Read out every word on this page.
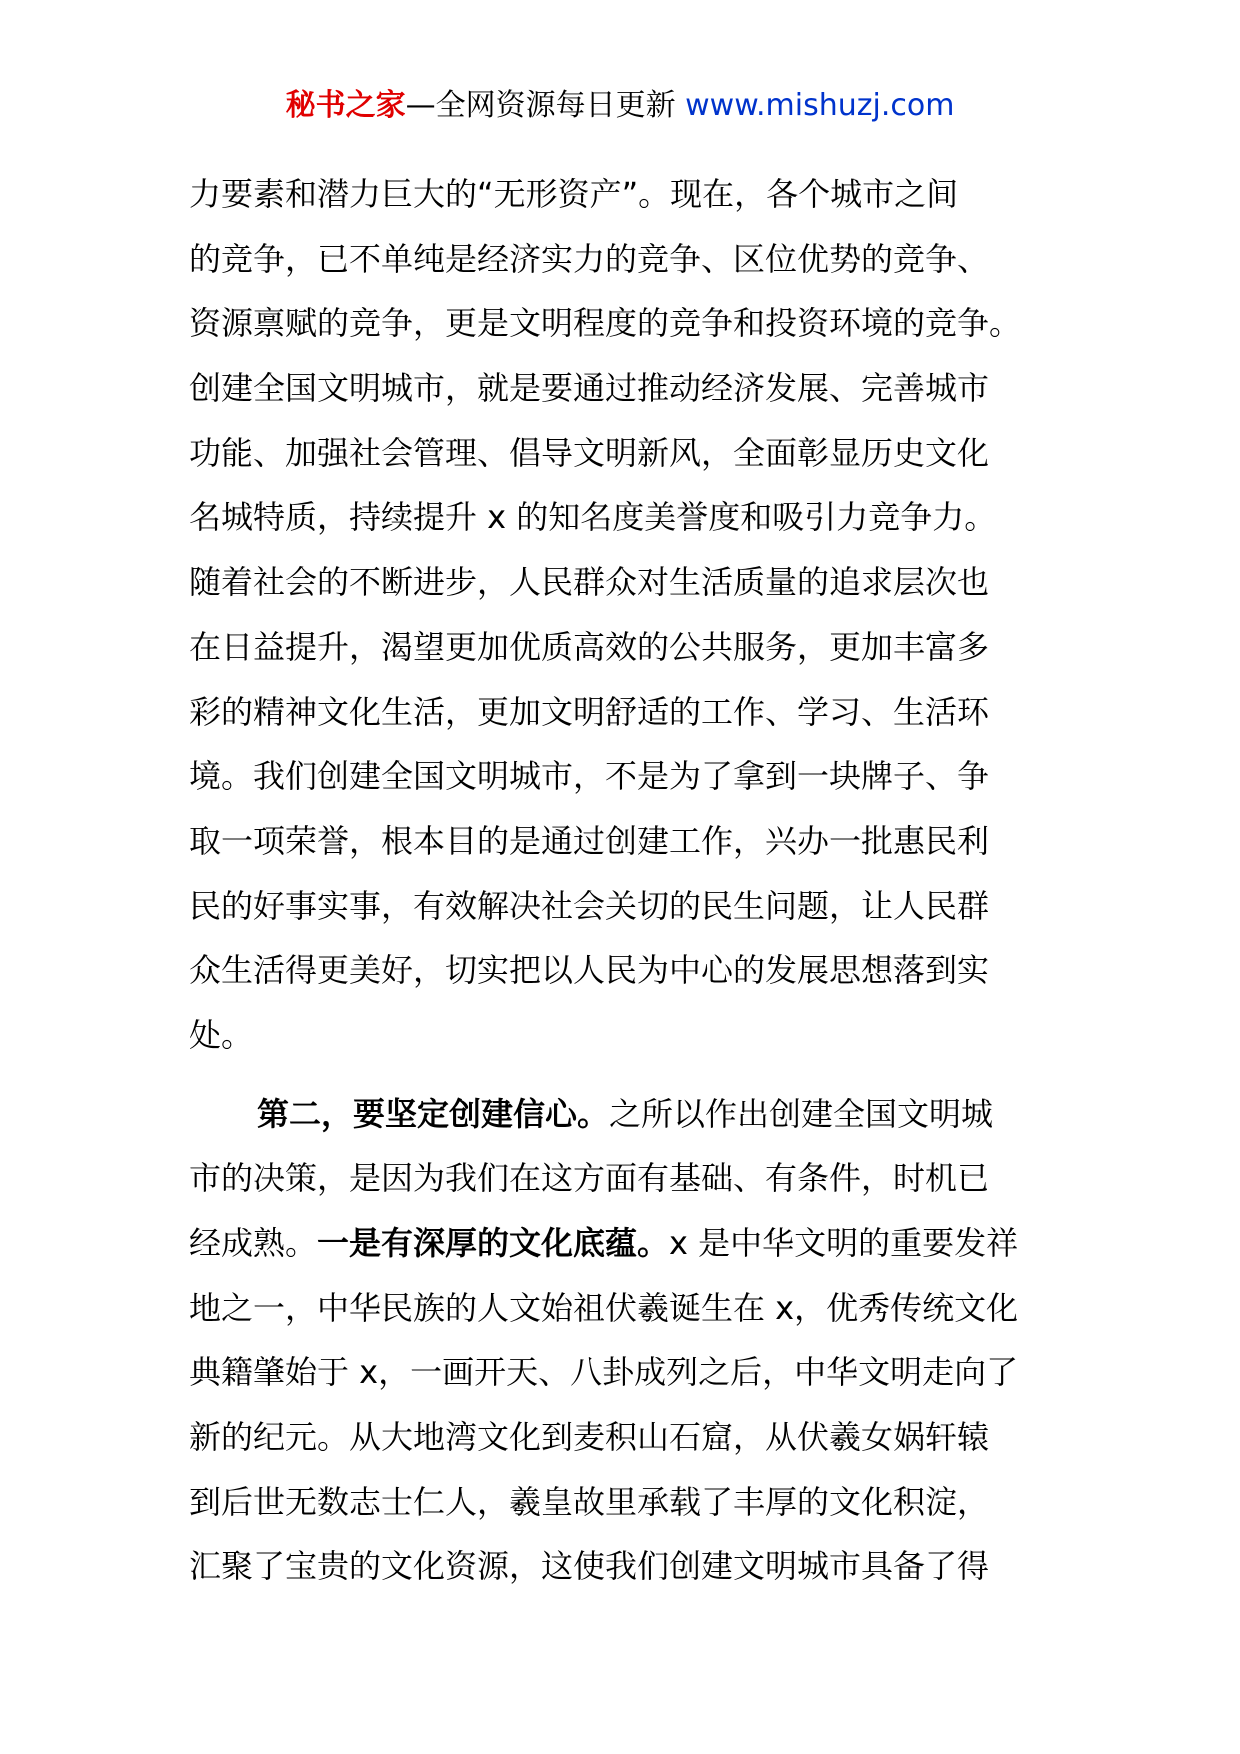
秘书之家—全网资源每日更新 www.mishuzj.com
力要素和潜力巨大的“无形资产”。现在，各个城市之间
的竞争，已不单纯是经济实力的竞争、区位优势的竞争、
资源禀赋的竞争，更是文明程度的竞争和投资环境的竞争。
创建全国文明城市，就是要通过推动经济发展、完善城市
功能、加强社会管理、倡导文明新风，全面彰显历史文化
名城特质，持续提升 x 的知名度美誉度和吸引力竞争力。
随着社会的不断进步，人民群众对生活质量的追求层次也
在日益提升，渴望更加优质高效的公共服务，更加丰富多
彩的精神文化生活，更加文明舒适的工作、学习、生活环
境。我们创建全国文明城市，不是为了拿到一块牌子、争
取一项荣誉，根本目的是通过创建工作，兴办一批惠民利
民的好事实事，有效解决社会关切的民生问题，让人民群
众生活得更美好，切实把以人民为中心的发展思想落到实
处。
第二，要坚定创建信心。之所以作出创建全国文明城
市的决策，是因为我们在这方面有基础、有条件，时机已
经成熟。一是有深厚的文化底蕴。x 是中华文明的重要发祥
地之一，中华民族的人文始祖伏羲诞生在 x，优秀传统文化
典籍肇始于 x，一画开天、八卦成列之后，中华文明走向了
新的纪元。从大地湾文化到麦积山石窟，从伏羲女娲轩辕
到后世无数志士仁人，羲皇故里承载了丰厚的文化积淀，
汇聚了宝贵的文化资源，这使我们创建文明城市具备了得
